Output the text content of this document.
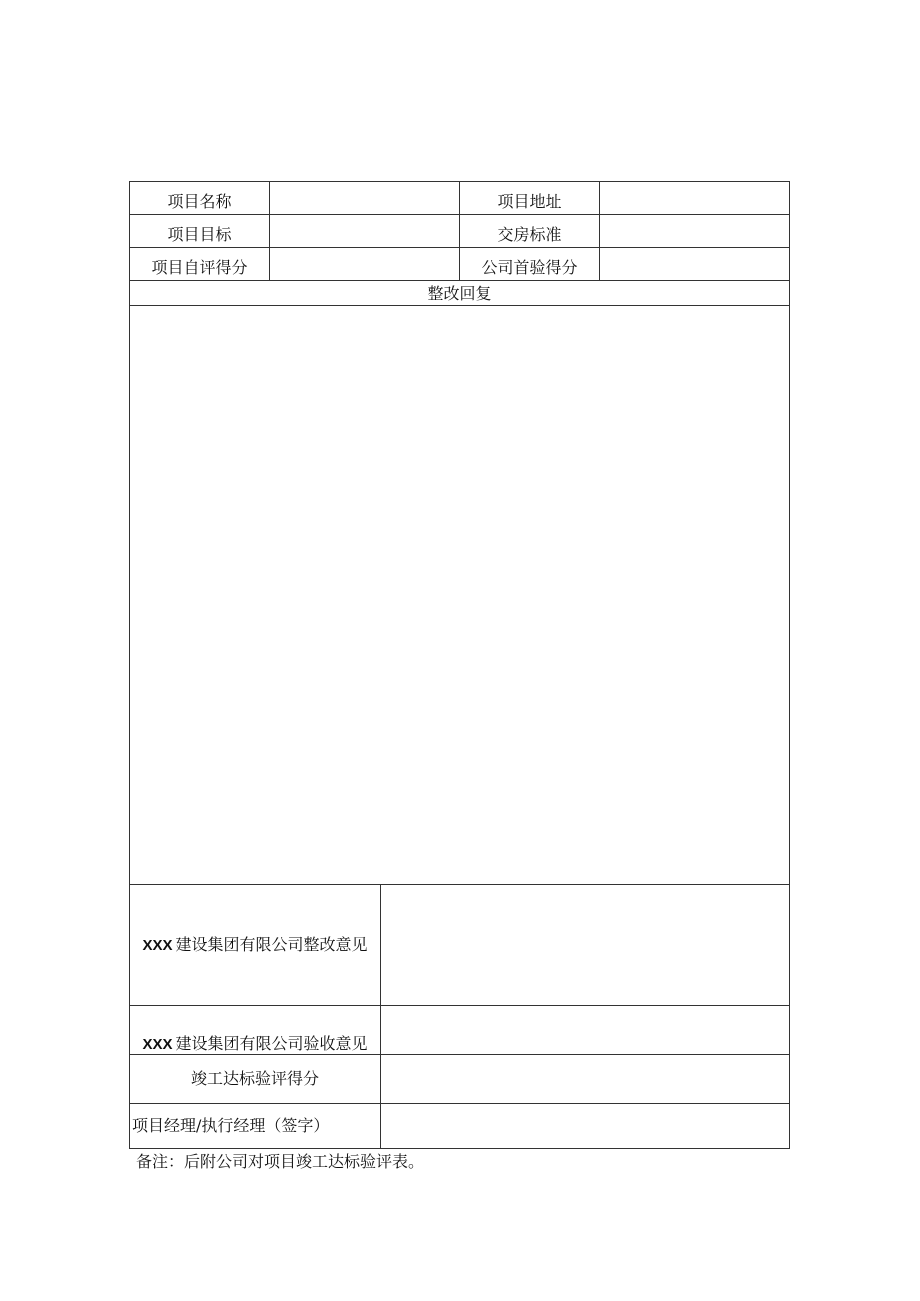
项目名称	项目地址
项目目标	交房标准
项目自评得分	公司首验得分
整改回复
XXX 建设集团有限公司整改意见
XXX 建设集团有限公司验收意见
竣工达标验评得分
项目经理/执行经理（签字）
备注：后附公司对项目竣工达标验评表。
